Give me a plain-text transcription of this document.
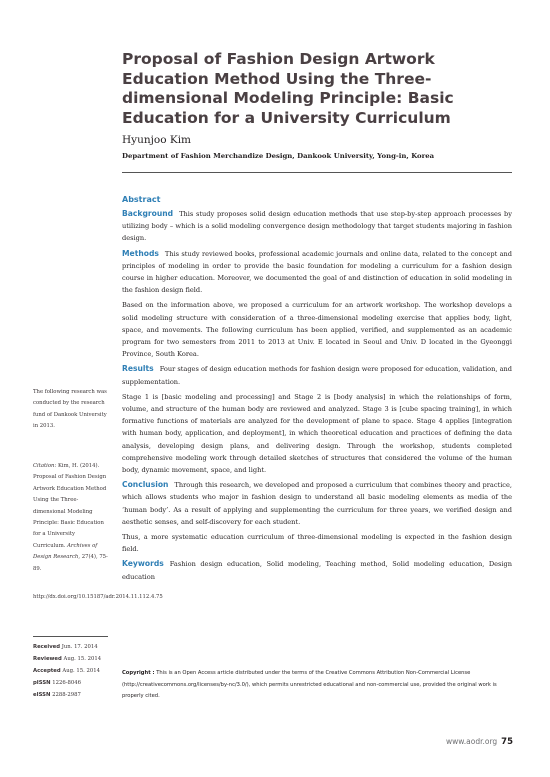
Proposal of Fashion Design Artwork Education Method Using the Three-dimensional Modeling Principle: Basic Education for a University Curriculum
Hyunjoo Kim
Department of Fashion Merchandize Design, Dankook University, Yong-in, Korea
Abstract

Background This study proposes solid design education methods that use step-by-step approach processes by utilizing body – which is a solid modeling convergence design methodology that target students majoring in fashion design.

Methods This study reviewed books, professional academic journals and online data, related to the concept and principles of modeling in order to provide the basic foundation for modeling a curriculum for a fashion design course in higher education. Moreover, we documented the goal of and distinction of education in solid modeling in the fashion design field.

Based on the information above, we proposed a curriculum for an artwork workshop. The workshop develops a solid modeling structure with consideration of a three-dimensional modeling exercise that applies body, light, space, and movements. The following curriculum has been applied, verified, and supplemented as an academic program for two semesters from 2011 to 2013 at Univ. E located in Seoul and Univ. D located in the Gyeonggi Province, South Korea.

Results Four stages of design education methods for fashion design were proposed for education, validation, and supplementation.

Stage 1 is [basic modeling and processing] and Stage 2 is [body analysis] in which the relationships of form, volume, and structure of the human body are reviewed and analyzed. Stage 3 is [cube spacing training], in which formative functions of materials are analyzed for the development of plane to space. Stage 4 applies [integration with human body, application, and deployment], in which theoretical education and practices of defining the data analysis, developing design plans, and delivering design. Through the workshop, students completed comprehensive modeling work through detailed sketches of structures that considered the volume of the human body, dynamic movement, space, and light.

Conclusion Through this research, we developed and proposed a curriculum that combines theory and practice, which allows students who major in fashion design to understand all basic modeling elements as media of the ‘human body’. As a result of applying and supplementing the curriculum for three years, we verified design and aesthetic senses, and self-discovery for each student.

Thus, a more systematic education curriculum of three-dimensional modeling is expected in the fashion design field.

Keywords Fashion design education, Solid modeling, Teaching method, Solid modeling education, Design education

Copyright : This is an Open Access article distributed under the terms of the Creative Commons Attribution Non-Commercial License (http://creativecommons.org/licenses/by-nc/3.0/), which permits unrestricted educational and non-commercial use, provided the original work is properly cited.
The following research was conducted by the research fund of Dankook University in 2013.
Citation: Kim, H. (2014). Proposal of Fashion Design Artwork Education Method Using the Three-dimensional Modeling Principle: Basic Education for a University Curriculum. Archives of Design Research, 27(4), 75-89.
http://dx.doi.org/10.15187/adr.2014.11.112.4.75
Received Jun. 17. 2014 Reviewed Aug. 15. 2014 Accepted Aug. 15. 2014
pISSN 1226-8046
eISSN 2288-2987
www.aodr.org 75
